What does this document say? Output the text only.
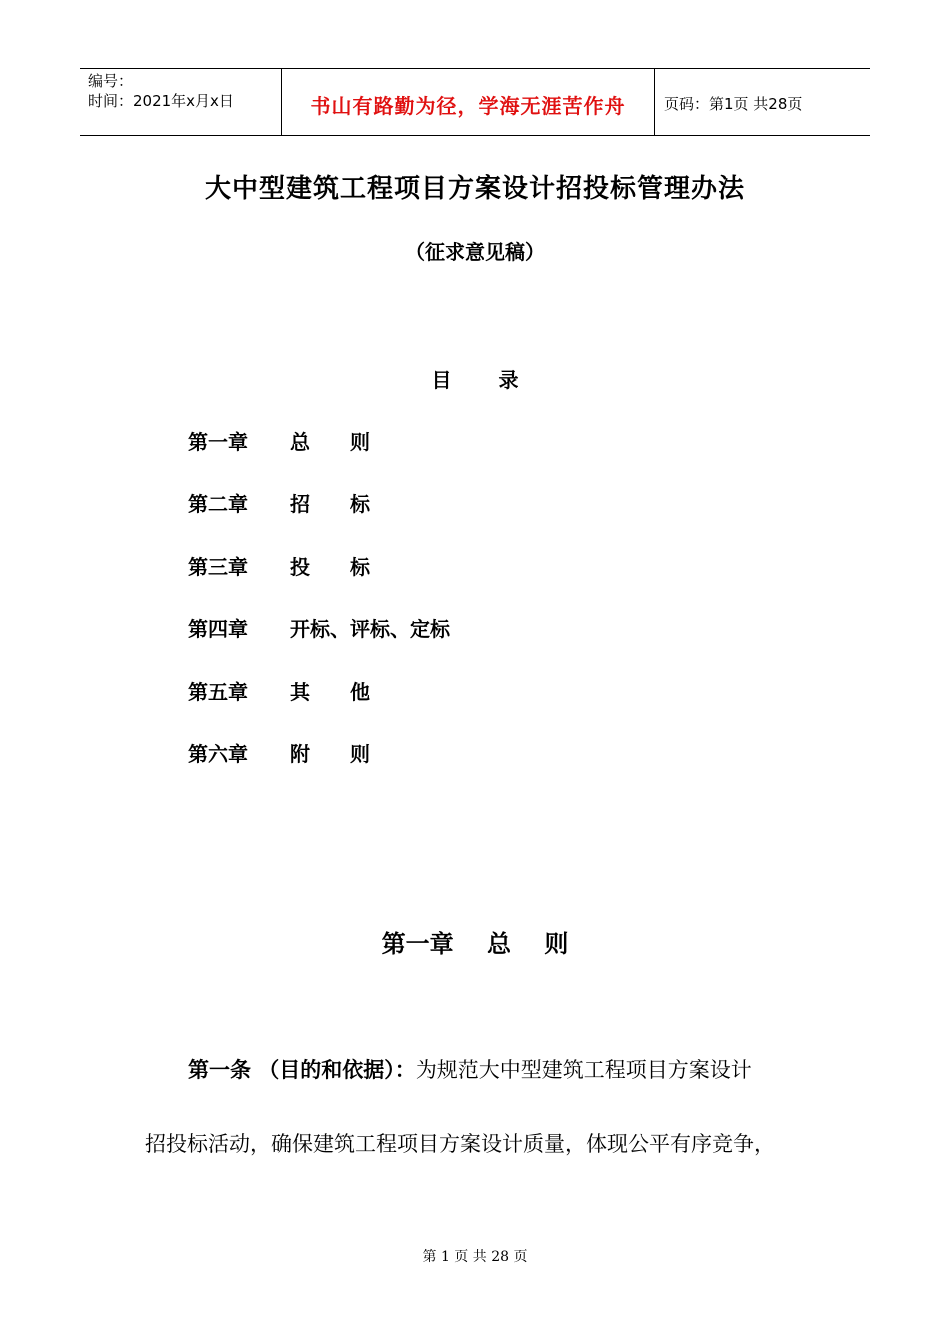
编号：
时间：2021年x月x日	书山有路勤为径，学海无涯苦作舟	页码：第1页 共28页
大中型建筑工程项目方案设计招投标管理办法
（征求意见稿）
目 录
第一章 总　　则
第二章 招　　标
第三章 投　　标
第四章 开标、评标、定标
第五章 其　　他
第六章 附　　则
第一章    总    则
第一条 （目的和依据）：为规范大中型建筑工程项目方案设计
招投标活动，确保建筑工程项目方案设计质量，体现公平有序竞争，
第 1 页 共 28 页
